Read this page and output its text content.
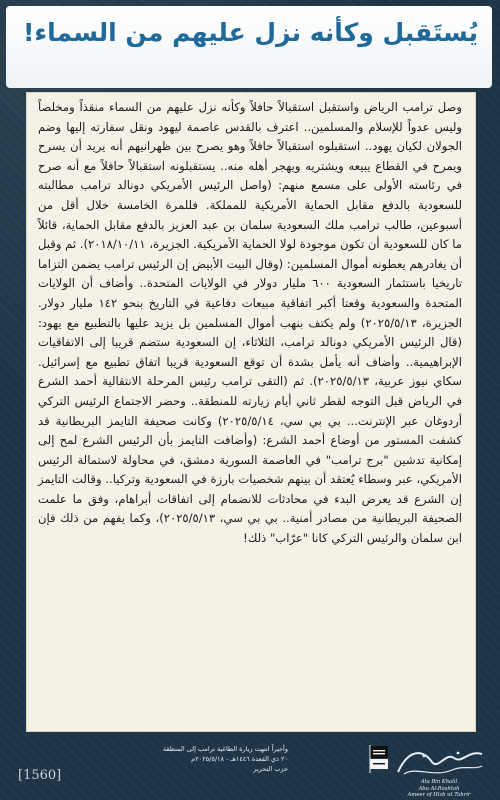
يُستَقبل وكأنه نزل عليهم من السماء!
وصل ترامب الرياض واستقبل استقبالاً حافلاً وكأنه نزل عليهم من السماء منقذاً ومخلصاً وليس عدواً للإسلام والمسلمين.. اعترف بالقدس عاصمة ليهود ونقل سفارته إليها وضم الجولان لكيان يهود.. استقبلوه استقبالاً حافلاً وهو يصرح بين ظهرانيهم أنه يريد أن يسرح ويمرح في القطاع يبيعه ويشتريه ويهجر أهله منه.. يستقبلونه استقبالاً حافلاً مع أنه صرح في رئاسته الأولى على مسمع منهم: (واصل الرئيس الأمريكي دونالد ترامب مطالبته للسعودية بالدفع مقابل الحماية الأمريكية للمملكة. فللمرة الخامسة خلال أقل من أسبوعين، طالب ترامب ملك السعودية سلمان بن عبد العزيز بالدفع مقابل الحماية، قائلاً ما كان للسعودية أن تكون موجودة لولا الحماية الأمريكية. الجزيرة، ٢٠١٨/١٠/١١). ثم وقبل أن يغادرهم يعطونه أموال المسلمين: (وقال البيت الأبيض إن الرئيس ترامب يضمن التزاما تاريخيا باستثمار السعودية ٦٠٠ مليار دولار في الولايات المتحدة.. وأضاف أن الولايات المتحدة والسعودية وقعتا أكبر اتفاقية مبيعات دفاعية في التاريخ بنحو ١٤٢ مليار دولار. الجزيرة، ٢٠٢٥/٥/١٣) ولم يكتف بنهب أموال المسلمين بل يزيد عليها بالتطبيع مع يهود: (قال الرئيس الأمريكي دونالد ترامب، الثلاثاء، إن السعودية ستضم قريبا إلى الاتفاقيات الإبراهيمية.. وأضاف أنه يأمل بشدة أن توقع السعودية قريبا اتفاق تطبيع مع إسرائيل. سكاي نيوز عربية، ٢٠٢٥/٥/١٣). ثم (التقى ترامب رئيس المرحلة الانتقالية أحمد الشرع في الرياض قبل التوجه لقطر ثاني أيام زيارته للمنطقة.. وحضر الاجتماع الرئيس التركي أردوغان عبر الإنترنت... بي بي سي، ٢٠٢٥/٥/١٤) وكانت صحيفة التايمز البريطانية قد كشفت المستور من أوضاع أحمد الشرع: (وأضافت التايمز بأن الرئيس الشرع لمح إلى إمكانية تدشين "برج ترامب" في العاصمة السورية دمشق، في محاولة لاستمالة الرئيس الأمريكي، عبر وسطاء يُعتقد أن بينهم شخصيات بارزة في السعودية وتركيا.. وقالت التايمز إن الشرع قد يعرض البدء في محادثات للانضمام إلى اتفاقات أبراهام، وفق ما علمت الصحيفة البريطانية من مصادر أمنية.. بي بي سي، ٢٠٢٥/٥/١٣)، وكما يفهم من ذلك فإن ابن سلمان والرئيس التركي كانا "عرّاب" ذلك!
Ata Bin Khalil
Abu Al-Rashtah
Ameer of Hizb ut Tahrir
وأخيراً انتهت زيارة الطاغية ترامب إلى المنطقة
٢٠ ذي القعدة ١٤٤٦هـ - ٢٠٢٥/٥/١٨م
حزب التحرير
[1560]
